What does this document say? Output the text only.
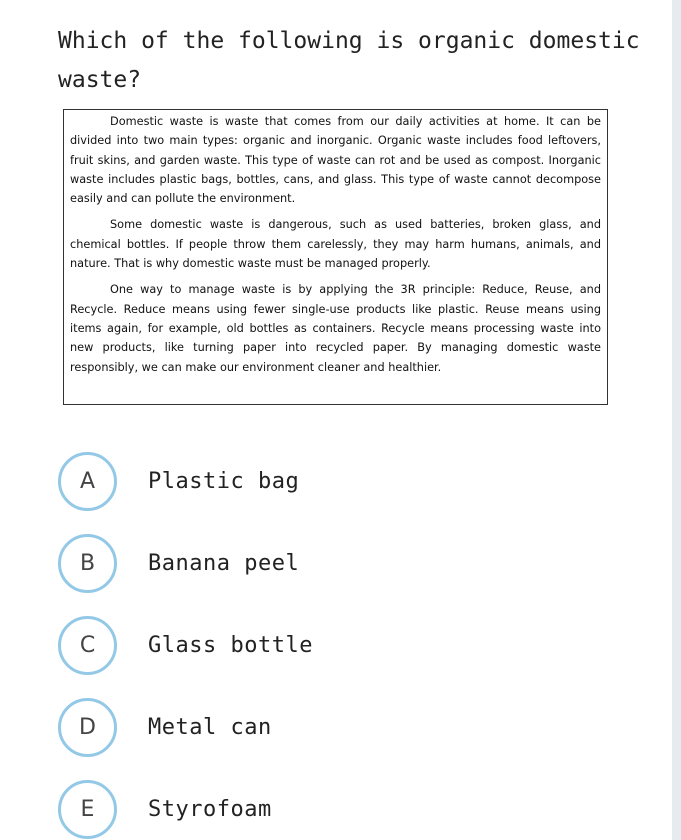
Which of the following is organic domestic waste?

Domestic waste is waste that comes from our daily activities at home. It can be divided into two main types: organic and inorganic. Organic waste includes food leftovers, fruit skins, and garden waste. This type of waste can rot and be used as compost. Inorganic waste includes plastic bags, bottles, cans, and glass. This type of waste cannot decompose easily and can pollute the environment.

Some domestic waste is dangerous, such as used batteries, broken glass, and chemical bottles. If people throw them carelessly, they may harm humans, animals, and nature. That is why domestic waste must be managed properly.

One way to manage waste is by applying the 3R principle: Reduce, Reuse, and Recycle. Reduce means using fewer single-use products like plastic. Reuse means using items again, for example, old bottles as containers. Recycle means processing waste into new products, like turning paper into recycled paper. By managing domestic waste responsibly, we can make our environment cleaner and healthier.

A	Plastic bag
B	Banana peel
C	Glass bottle
D	Metal can
E	Styrofoam
